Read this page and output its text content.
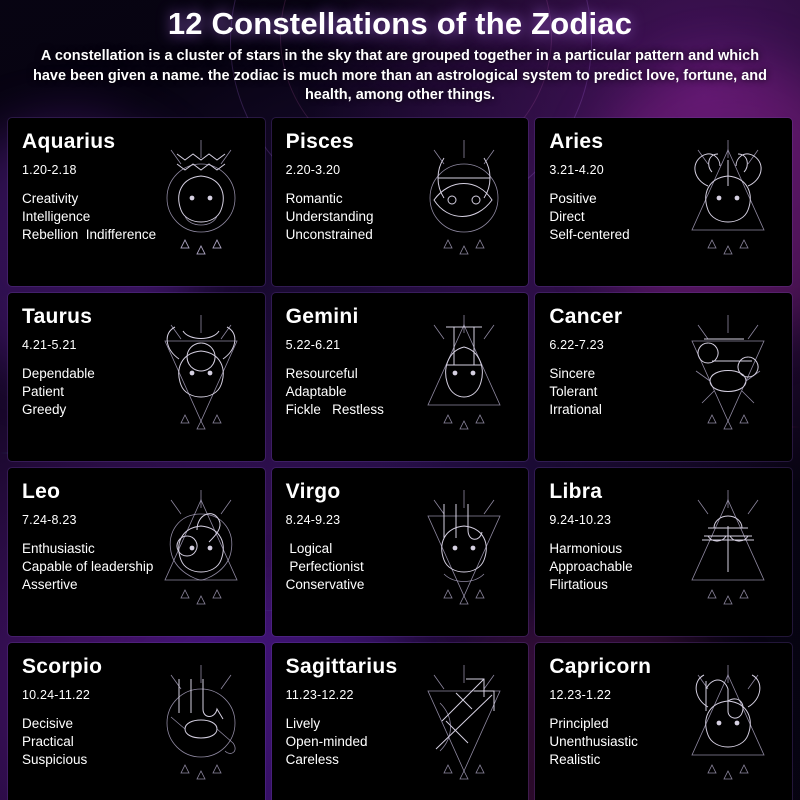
12 Constellations of the Zodiac

A constellation is a cluster of stars in the sky that are grouped together in a particular pattern and which have been given a name. the zodiac is much more than an astrological system to predict love, fortune, and health, among other things.

Aquarius

1.20-2.18

Creativity
Intelligence
Rebellion  Indifference
Pisces

2.20-3.20

Romantic
Understanding
Unconstrained
Aries

3.21-4.20

Positive
Direct
Self-centered
Taurus

4.21-5.21

Dependable
Patient
Greedy
Gemini

5.22-6.21

Resourceful
Adaptable
Fickle   Restless
Cancer

6.22-7.23

Sincere
Tolerant
Irrational
Leo

7.24-8.23

Enthusiastic
Capable of leadership
Assertive
Virgo

8.24-9.23

Logical
Perfectionist
Conservative
Libra

9.24-10.23

Harmonious
Approachable
Flirtatious
Scorpio

10.24-11.22

Decisive
Practical
Suspicious
Sagittarius

11.23-12.22

Lively
Open-minded
Careless
Capricorn

12.23-1.22

Principled
Unenthusiastic
Realistic
